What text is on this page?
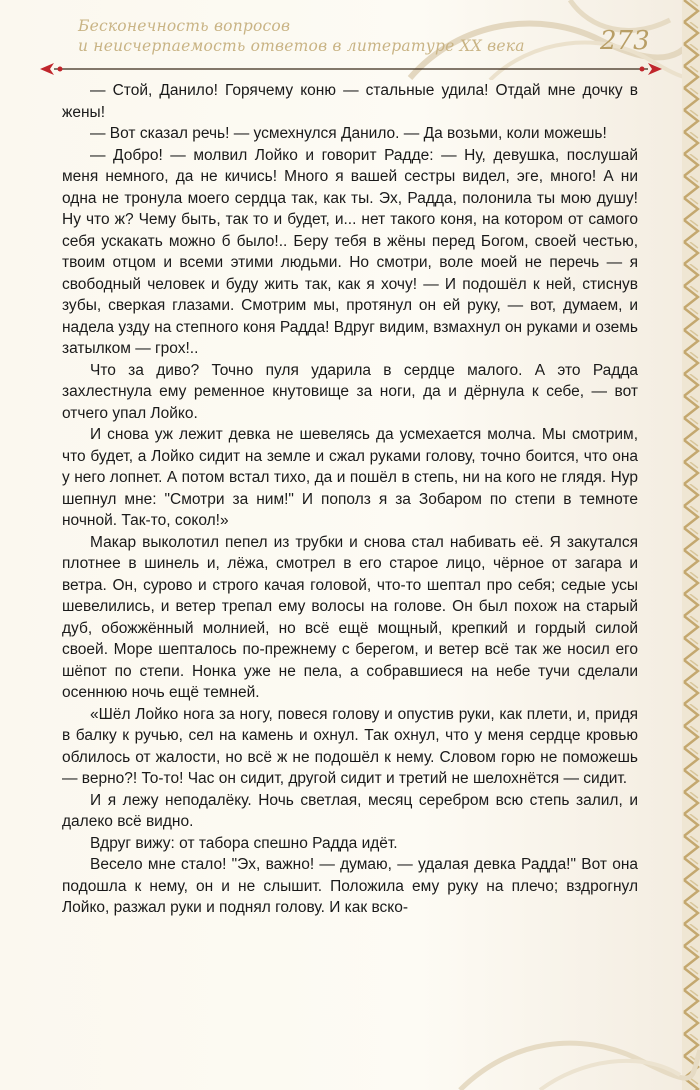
Бесконечность вопросов
и неисчерпаемость ответов в литературе XX века	273

— Стой, Данило! Горячему коню — стальные удила! Отдай мне дочку в жены!

— Вот сказал речь! — усмехнулся Данило. — Да возьми, коли можешь!

— Добро! — молвил Лойко и говорит Радде: — Ну, девушка, послушай меня немного, да не кичись! Много я вашей сестры видел, эге, много! А ни одна не тронула моего сердца так, как ты. Эх, Радда, полонила ты мою душу! Ну что ж? Чему быть, так то и будет, и... нет такого коня, на котором от самого себя ускакать можно б было!.. Беру тебя в жёны перед Богом, своей честью, твоим отцом и всеми этими людьми. Но смотри, воле моей не перечь — я свободный человек и буду жить так, как я хочу! — И подошёл к ней, стиснув зубы, сверкая глазами. Смотрим мы, протянул он ей руку, — вот, думаем, и надела узду на степного коня Радда! Вдруг видим, взмахнул он руками и оземь затылком — грох!..

Что за диво? Точно пуля ударила в сердце малого. А это Радда захлестнула ему ременное кнутовище за ноги, да и дёрнула к себе, — вот отчего упал Лойко.

И снова уж лежит девка не шевелясь да усмехается молча. Мы смотрим, что будет, а Лойко сидит на земле и сжал руками голову, точно боится, что она у него лопнет. А потом встал тихо, да и пошёл в степь, ни на кого не глядя. Нур шепнул мне: "Смотри за ним!" И пополз я за Зобаром по степи в темноте ночной. Так-то, сокол!»

Макар выколотил пепел из трубки и снова стал набивать её. Я закутался плотнее в шинель и, лёжа, смотрел в его старое лицо, чёрное от загара и ветра. Он, сурово и строго качая головой, что-то шептал про себя; седые усы шевелились, и ветер трепал ему волосы на голове. Он был похож на старый дуб, обожжённый молнией, но всё ещё мощный, крепкий и гордый силой своей. Море шепталось по-прежнему с берегом, и ветер всё так же носил его шёпот по степи. Нонка уже не пела, а собравшиеся на небе тучи сделали осеннюю ночь ещё темней.

«Шёл Лойко нога за ногу, повеся голову и опустив руки, как плети, и, придя в балку к ручью, сел на камень и охнул. Так охнул, что у меня сердце кровью облилось от жалости, но всё ж не подошёл к нему. Словом горю не поможешь — верно?! То-то! Час он сидит, другой сидит и третий не шелохнётся — сидит.

И я лежу неподалёку. Ночь светлая, месяц серебром всю степь залил, и далеко всё видно.

Вдруг вижу: от табора спешно Радда идёт.

Весело мне стало! "Эх, важно! — думаю, — удалая девка Радда!" Вот она подошла к нему, он и не слышит. Положила ему руку на плечо; вздрогнул Лойко, разжал руки и поднял голову. И как вско-
